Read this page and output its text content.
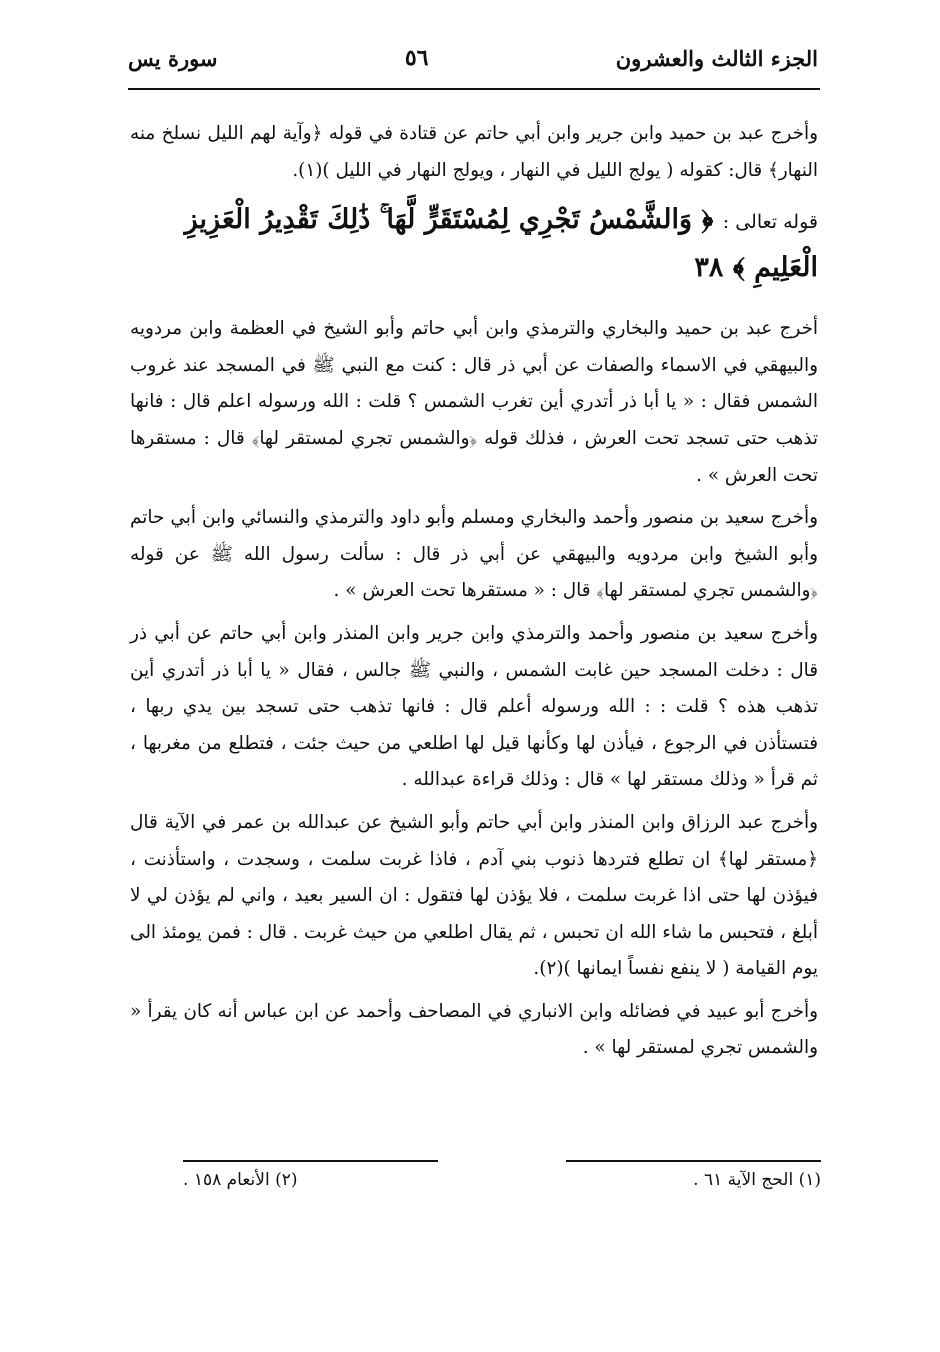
الجزء الثالث والعشرون
٥٦
سورة يس

وأخرج عبد بن حميد وابن جرير وابن أبي حاتم عن قتادة في قوله ﴿وآية لهم الليل نسلخ منه النهار﴾ قال: كقوله ( يولج الليل في النهار ، ويولج النهار في الليل )(١).

قوله تعالى : ﴿ وَالشَّمْسُ تَجْرِي لِمُسْتَقَرٍّ لَّهَا ۚ ذَٰلِكَ تَقْدِيرُ الْعَزِيزِ الْعَلِيمِ ﴾ ٣٨

أخرج عبد بن حميد والبخاري والترمذي وابن أبي حاتم وأبو الشيخ في العظمة وابن مردويه والبيهقي في الاسماء والصفات عن أبي ذر قال : كنت مع النبي ﷺ في المسجد عند غروب الشمس فقال : « يا أبا ذر أتدري أين تغرب الشمس ؟ قلت : الله ورسوله اعلم قال : فانها تذهب حتى تسجد تحت العرش ، فذلك قوله ﴿والشمس تجري لمستقر لها﴾ قال : مستقرها تحت العرش » .

وأخرج سعيد بن منصور وأحمد والبخاري ومسلم وأبو داود والترمذي والنسائي وابن أبي حاتم وأبو الشيخ وابن مردويه والبيهقي عن أبي ذر قال : سألت رسول الله ﷺ عن قوله ﴿والشمس تجري لمستقر لها﴾ قال : « مستقرها تحت العرش » .

وأخرج سعيد بن منصور وأحمد والترمذي وابن جرير وابن المنذر وابن أبي حاتم عن أبي ذر قال : دخلت المسجد حين غابت الشمس ، والنبي ﷺ جالس ، فقال « يا أبا ذر أتدري أين تذهب هذه ؟ قلت : : الله ورسوله أعلم قال : فانها تذهب حتى تسجد بين يدي ربها ، فتستأذن في الرجوع ، فيأذن لها وكأنها قيل لها اطلعي من حيث جئت ، فتطلع من مغربها ، ثم قرأ « وذلك مستقر لها » قال : وذلك قراءة عبدالله .

وأخرج عبد الرزاق وابن المنذر وابن أبي حاتم وأبو الشيخ عن عبدالله بن عمر في الآية قال ﴿مستقر لها﴾ ان تطلع فتردها ذنوب بني آدم ، فاذا غربت سلمت ، وسجدت ، واستأذنت ، فيؤذن لها حتى اذا غربت سلمت ، فلا يؤذن لها فتقول : ان السير بعيد ، واني لم يؤذن لي لا أبلغ ، فتحبس ما شاء الله ان تحبس ، ثم يقال اطلعي من حيث غربت . قال : فمن يومئذ الى يوم القيامة ( لا ينفع نفساً ايمانها )(٢).

وأخرج أبو عبيد في فضائله وابن الانباري في المصاحف وأحمد عن ابن عباس أنه كان يقرأ « والشمس تجري لمستقر لها » .

(١) الحج الآية ٦١ .
(٢) الأنعام ١٥٨ .
